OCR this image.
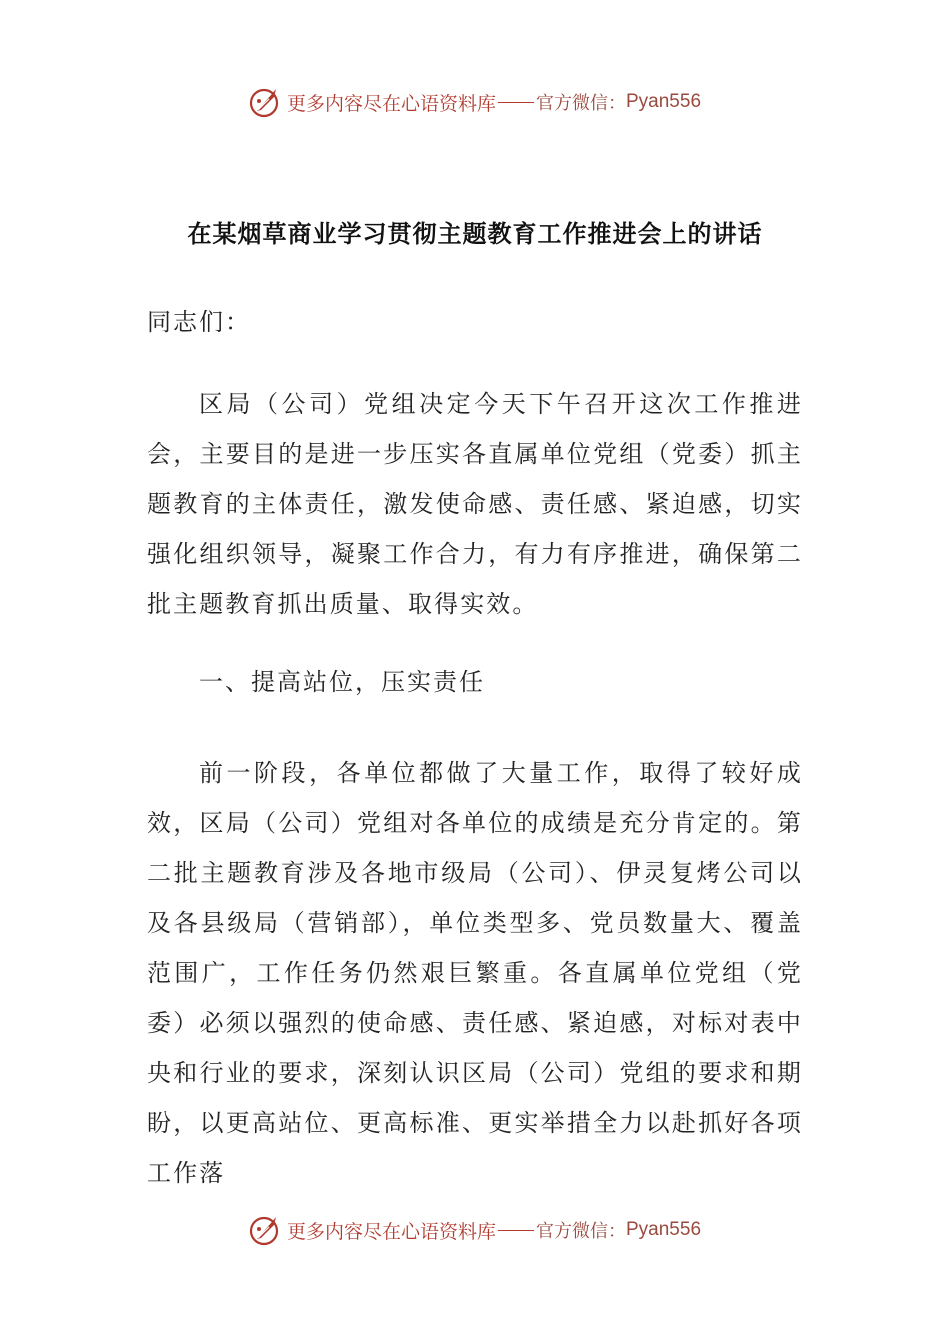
更多内容尽在心语资料库 官方微信： Pyan556
在某烟草商业学习贯彻主题教育工作推进会上的讲话
同志们：

区局（公司）党组决定今天下午召开这次工作推进会，主要目的是进一步压实各直属单位党组（党委）抓主题教育的主体责任，激发使命感、责任感、紧迫感，切实强化组织领导，凝聚工作合力，有力有序推进，确保第二批主题教育抓出质量、取得实效。

一、提高站位，压实责任

前一阶段，各单位都做了大量工作，取得了较好成效，区局（公司）党组对各单位的成绩是充分肯定的。第二批主题教育涉及各地市级局（公司）、伊灵复烤公司以及各县级局（营销部），单位类型多、党员数量大、覆盖范围广，工作任务仍然艰巨繁重。各直属单位党组（党委）必须以强烈的使命感、责任感、紧迫感，对标对表中央和行业的要求，深刻认识区局（公司）党组的要求和期盼，以更高站位、更高标准、更实举措全力以赴抓好各项工作落

更多内容尽在心语资料库 官方微信： Pyan556
